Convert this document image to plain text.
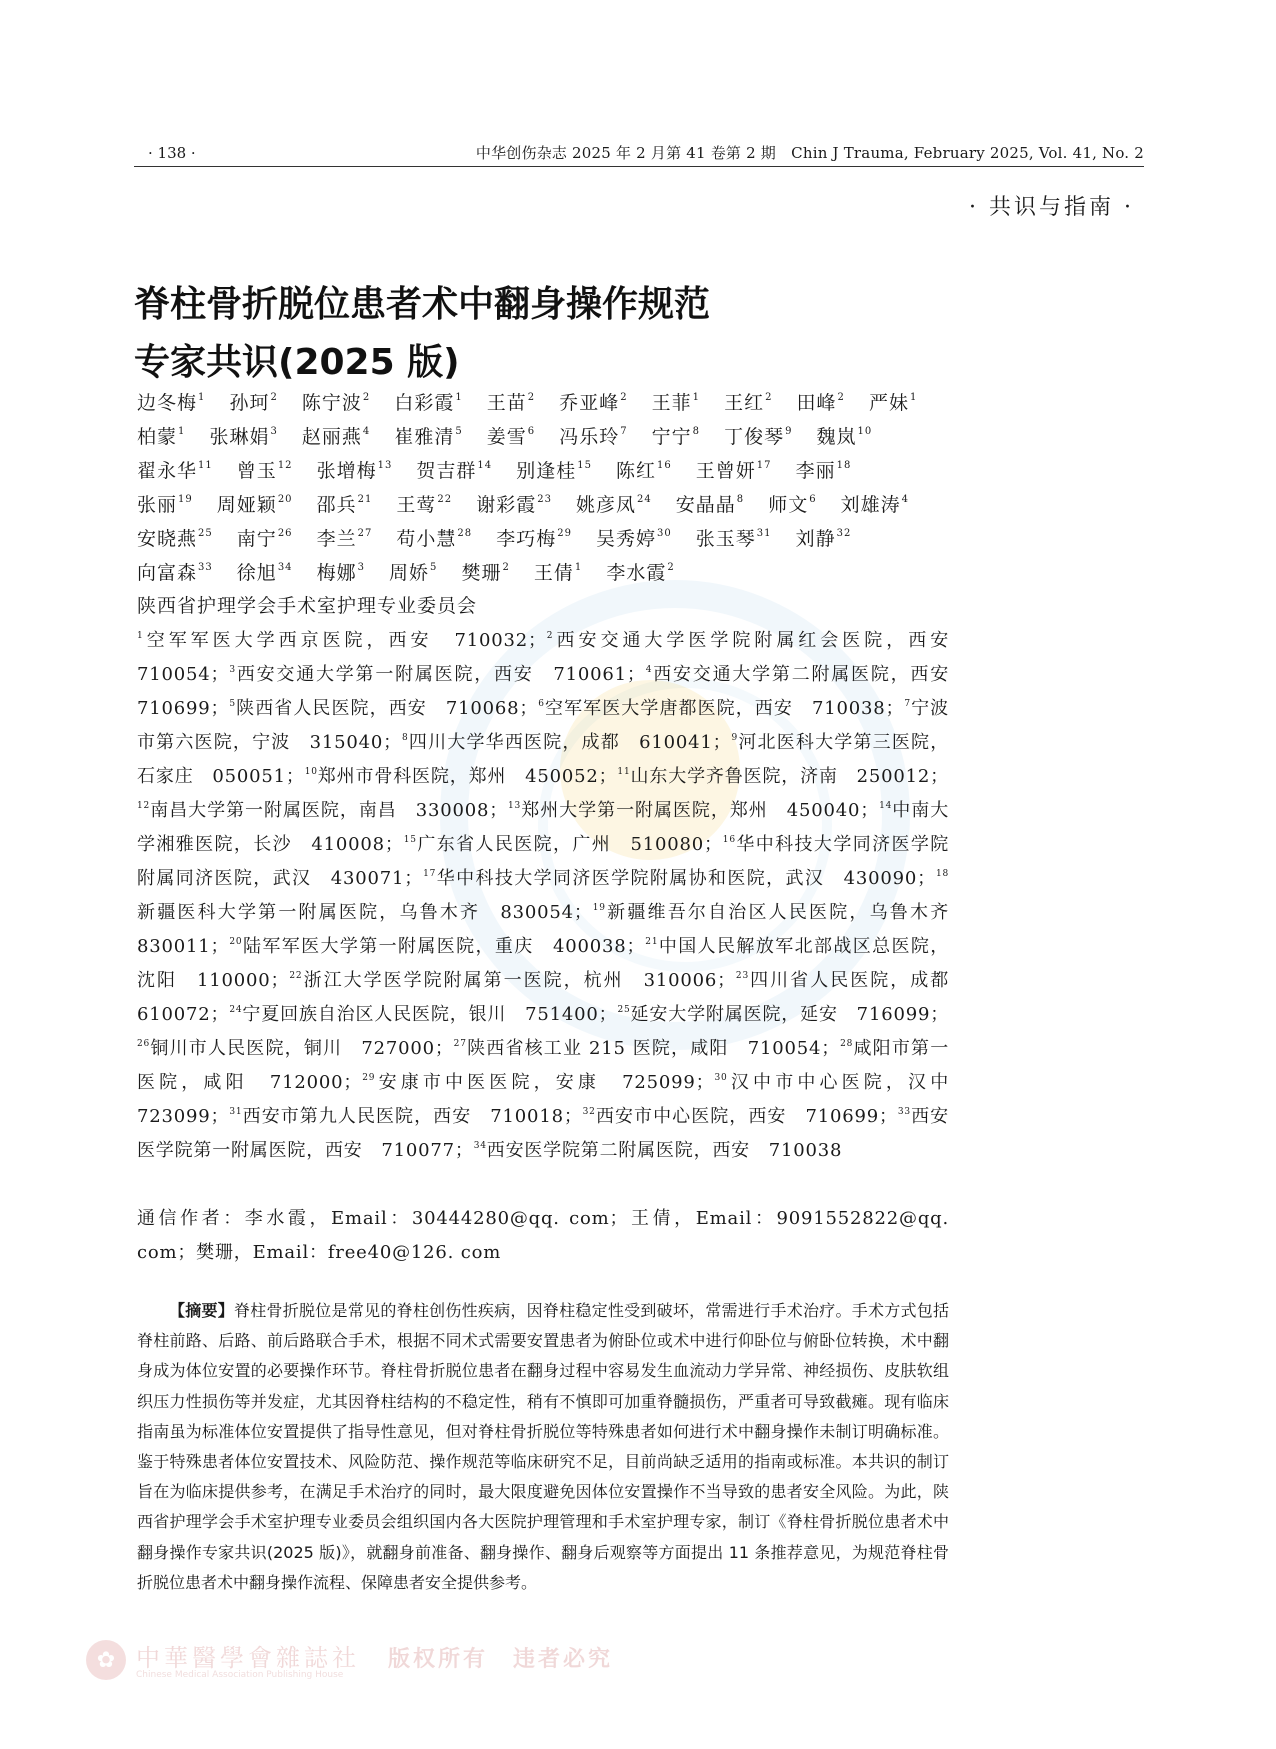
· 138 ·	中华创伤杂志 2025 年 2 月第 41 卷第 2 期　Chin J Trauma, February 2025, Vol. 41, No. 2
· 共识与指南 ·
脊柱骨折脱位患者术中翻身操作规范
专家共识(2025 版)
边冬梅$^1$ 孙珂$^2$ 陈宁波$^2$ 白彩霞$^1$ 王苗$^2$ 乔亚峰$^2$ 王菲$^1$ 王红$^2$ 田峰$^2$ 严妹$^1$ 柏蒙$^1$ 张琳娟$^3$ 赵丽燕$^4$ 崔雅清$^5$ 姜雪$^6$ 冯乐玲$^7$ 宁宁$^8$ 丁俊琴$^9$ 魏岚$^{10}$ 翟永华$^{11}$ 曾玉$^{12}$ 张增梅$^{13}$ 贺吉群$^{14}$ 别逢桂$^{15}$ 陈红$^{16}$ 王曾妍$^{17}$ 李丽$^{18}$ 张丽$^{19}$ 周娅颖$^{20}$ 邵兵$^{21}$ 王莺$^{22}$ 谢彩霞$^{23}$ 姚彦凤$^{24}$ 安晶晶$^8$ 师文$^6$ 刘雄涛$^4$ 安晓燕$^{25}$ 南宁$^{26}$ 李兰$^{27}$ 苟小慧$^{28}$ 李巧梅$^{29}$ 吴秀婷$^{30}$ 张玉琴$^{31}$ 刘静$^{32}$ 向富森$^{33}$ 徐旭$^{34}$ 梅娜$^3$ 周娇$^5$ 樊珊$^2$ 王倩$^1$ 李水霞$^2$
陕西省护理学会手术室护理专业委员会
$^1$空军军医大学西京医院，西安　710032；$^2$西安交通大学医学院附属红会医院，西安　710054；$^3$西安交通大学第一附属医院，西安　710061；$^4$西安交通大学第二附属医院，西安　710699；$^5$陕西省人民医院，西安　710068；$^6$空军军医大学唐都医院，西安　710038；$^7$宁波市第六医院，宁波　315040；$^8$四川大学华西医院，成都　610041；$^9$河北医科大学第三医院，石家庄　050051；$^{10}$郑州市骨科医院，郑州　450052；$^{11}$山东大学齐鲁医院，济南　250012；$^{12}$南昌大学第一附属医院，南昌　330008；$^{13}$郑州大学第一附属医院，郑州　450040；$^{14}$中南大学湘雅医院，长沙　410008；$^{15}$广东省人民医院，广州　510080；$^{16}$华中科技大学同济医学院附属同济医院，武汉　430071；$^{17}$华中科技大学同济医学院附属协和医院，武汉　430090；$^{18}$新疆医科大学第一附属医院，乌鲁木齐　830054；$^{19}$新疆维吾尔自治区人民医院，乌鲁木齐　830011；$^{20}$陆军军医大学第一附属医院，重庆　400038；$^{21}$中国人民解放军北部战区总医院，沈阳　110000；$^{22}$浙江大学医学院附属第一医院，杭州　310006；$^{23}$四川省人民医院，成都　610072；$^{24}$宁夏回族自治区人民医院，银川　751400；$^{25}$延安大学附属医院，延安　716099；$^{26}$铜川市人民医院，铜川　727000；$^{27}$陕西省核工业 215 医院，咸阳　710054；$^{28}$咸阳市第一医院，咸阳　712000；$^{29}$安康市中医医院，安康　725099；$^{30}$汉中市中心医院，汉中　723099；$^{31}$西安市第九人民医院，西安　710018；$^{32}$西安市中心医院，西安　710699；$^{33}$西安医学院第一附属医院，西安　710077；$^{34}$西安医学院第二附属医院，西安　710038
通信作者：李水霞，Email：30444280@qq. com；王倩，Email：9091552822@qq. com；樊珊，Email：free40@126. com

【摘要】脊柱骨折脱位是常见的脊柱创伤性疾病，因脊柱稳定性受到破坏，常需进行手术治疗。手术方式包括脊柱前路、后路、前后路联合手术，根据不同术式需要安置患者为俯卧位或术中进行仰卧位与俯卧位转换，术中翻身成为体位安置的必要操作环节。脊柱骨折脱位患者在翻身过程中容易发生血流动力学异常、神经损伤、皮肤软组织压力性损伤等并发症，尤其因脊柱结构的不稳定性，稍有不慎即可加重脊髓损伤，严重者可导致截瘫。现有临床指南虽为标准体位安置提供了指导性意见，但对脊柱骨折脱位等特殊患者如何进行术中翻身操作未制订明确标准。鉴于特殊患者体位安置技术、风险防范、操作规范等临床研究不足，目前尚缺乏适用的指南或标准。本共识的制订旨在为临床提供参考，在满足手术治疗的同时，最大限度避免因体位安置操作不当导致的患者安全风险。为此，陕西省护理学会手术室护理专业委员会组织国内各大医院护理管理和手术室护理专家，制订《脊柱骨折脱位患者术中翻身操作专家共识(2025 版)》，就翻身前准备、翻身操作、翻身后观察等方面提出 11 条推荐意见，为规范脊柱骨折脱位患者术中翻身操作流程、保障患者安全提供参考。

✿ 中華醫學會雜誌社
Chinese Medical Association Publishing House
版权所有　违者必究
